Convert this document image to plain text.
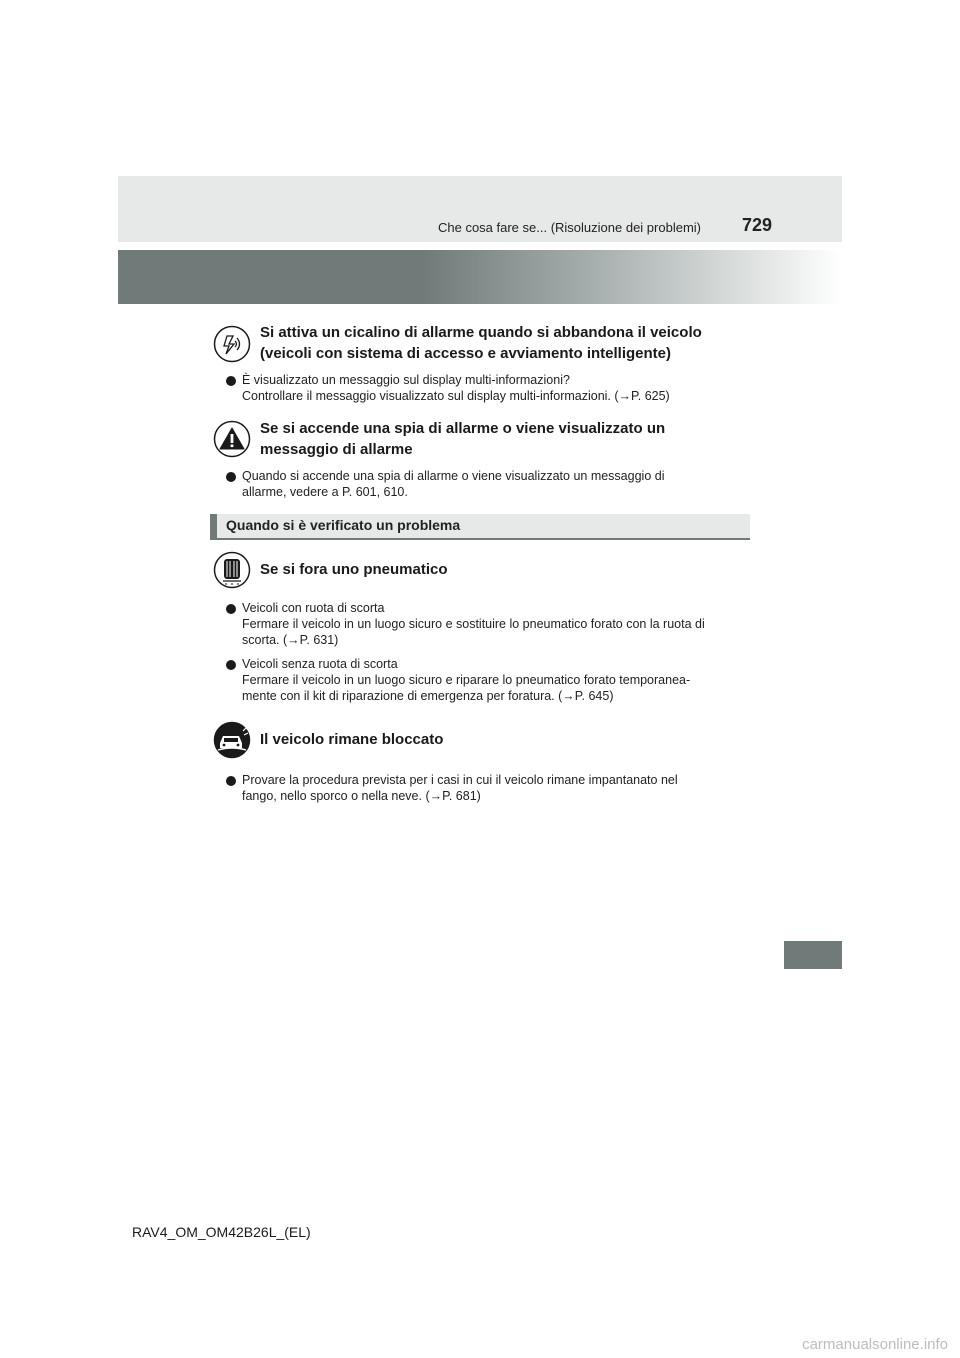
Che cosa fare se... (Risoluzione dei problemi) 729
Si attiva un cicalino di allarme quando si abbandona il veicolo
(veicoli con sistema di accesso e avviamento intelligente)
È visualizzato un messaggio sul display multi-informazioni?
Controllare il messaggio visualizzato sul display multi-informazioni. (→P. 625)
Se si accende una spia di allarme o viene visualizzato un
messaggio di allarme
Quando si accende una spia di allarme o viene visualizzato un messaggio di
allarme, vedere a P. 601, 610.
Quando si è verificato un problema
Se si fora uno pneumatico
Veicoli con ruota di scorta
Fermare il veicolo in un luogo sicuro e sostituire lo pneumatico forato con la ruota di
scorta. (→P. 631)
Veicoli senza ruota di scorta
Fermare il veicolo in un luogo sicuro e riparare lo pneumatico forato temporanea-
mente con il kit di riparazione di emergenza per foratura. (→P. 645)
Il veicolo rimane bloccato
Provare la procedura prevista per i casi in cui il veicolo rimane impantanato nel
fango, nello sporco o nella neve. (→P. 681)
RAV4_OM_OM42B26L_(EL)
carmanualsonline.info
